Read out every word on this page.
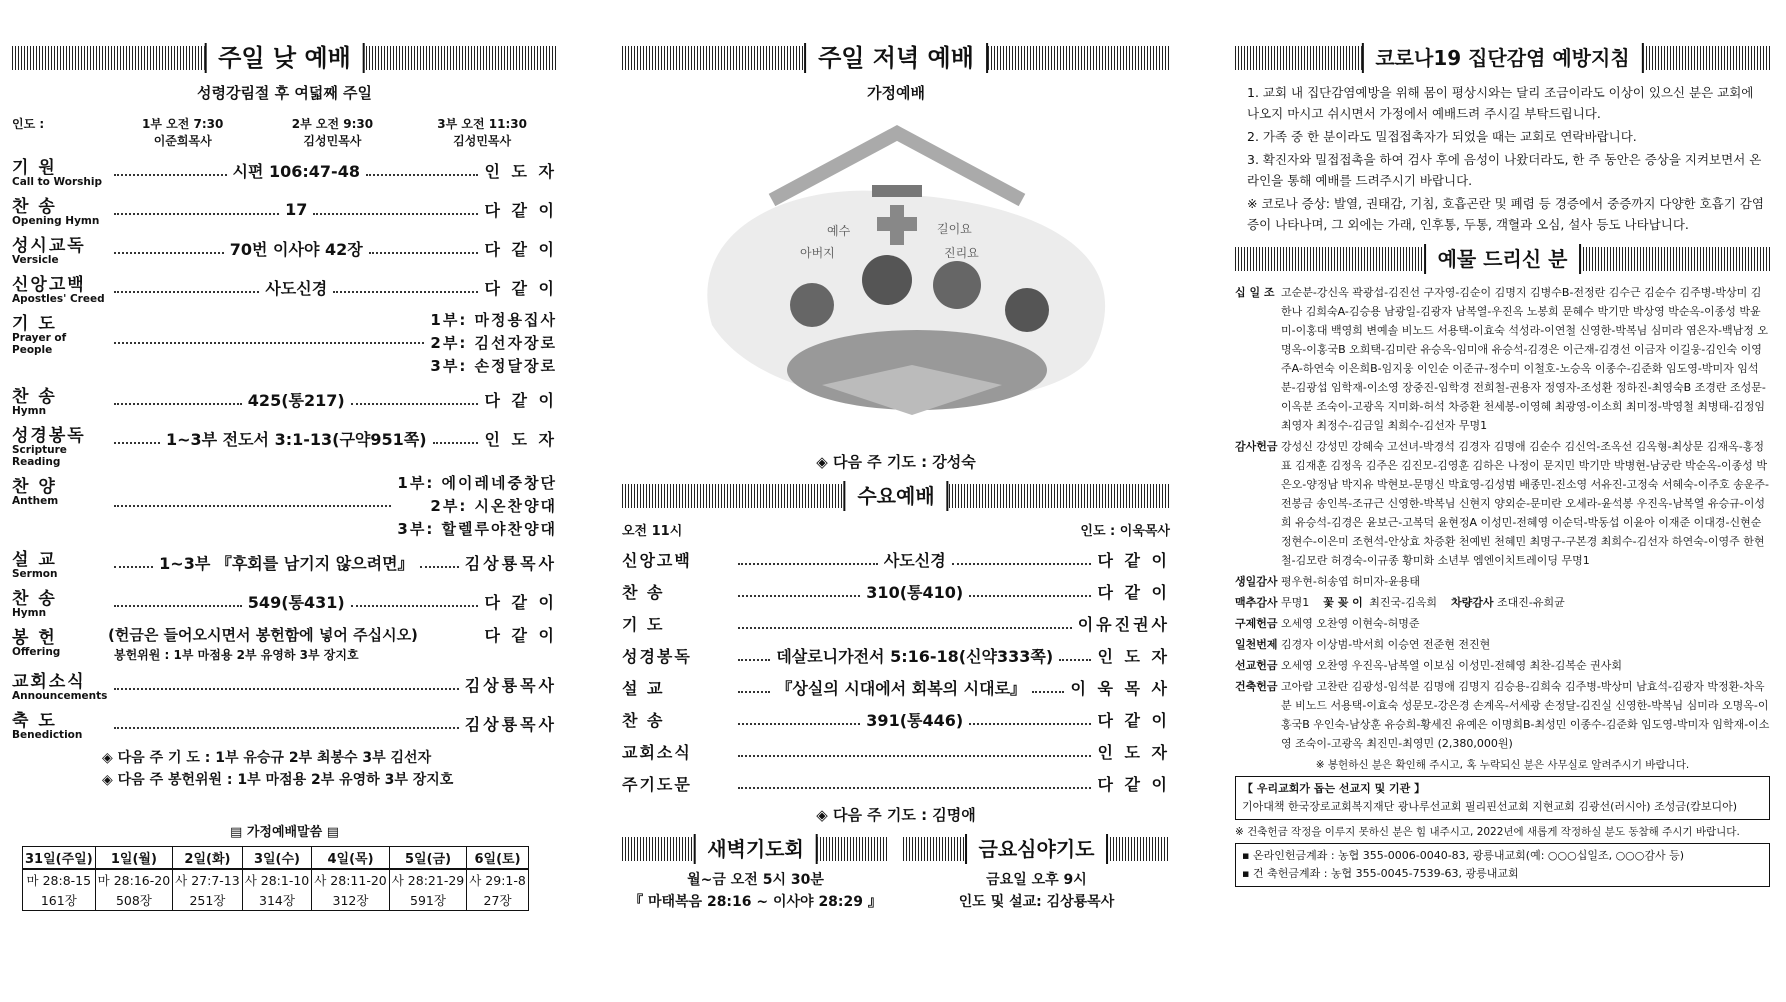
주일 낮 예배
성령강림절 후 여덟째 주일
인도 :	1부 오전 7:30
이준희목사
2부 오전 9:30
김성민목사
3부 오전 11:30
김성민목사
기 원
Call to Worship
시편 106:47-48	인 도 자
찬 송
Opening Hymn
17	다 같 이
성시교독
Versicle
70번 이사야 42장	다 같 이
신앙고백
Apostles' Creed
사도신경	다 같 이
기 도
Prayer of People
1부: 마정용집사
2부: 김선자장로
3부: 손정달장로
찬 송
Hymn
425(통217)	다 같 이
성경봉독
Scripture Reading
1~3부 전도서 3:1-13(구약951쪽)	인 도 자
찬 양
Anthem
1부: 에이레네중창단
2부: 시온찬양대
3부: 할렐루야찬양대
설 교
Sermon
1~3부 『후회를 남기지 않으려면』	김상룡목사
찬 송
Hymn
549(통431)	다 같 이
봉 헌
Offering
(헌금은 들어오시면서 봉헌함에 넣어 주십시오)	다 같 이
봉헌위원 : 1부 마점용 2부 유영하 3부 장지호
교회소식
Announcements
김상룡목사
축 도
Benediction
김상룡목사
◈ 다음 주 기 도 : 1부 유승규 2부 최봉수 3부 김선자
◈ 다음 주 봉헌위원 : 1부 마점용 2부 유영하 3부 장지호
▤ 가정예배말씀 ▤
31일(주일)	1일(월)	2일(화)	3일(수)	4일(목)	5일(금)	6일(토)
마 28:8-15	마 28:16-20	사 27:7-13	사 28:1-10	사 28:11-20	사 28:21-29	사 29:1-8
161장	508장	251장	314장	312장	591장	27장
주일 저녁 예배
가정예배
예수
아버지
길이요
진리요
◈ 다음 주 기도 : 강성숙
수요예배
오전 11시	인도 : 이욱목사
신앙고백	사도신경	다 같 이
찬 송	310(통410)	다 같 이
기 도	이유진권사
성경봉독	데살로니가전서 5:16-18(신약333쪽)	인 도 자
설 교	『상실의 시대에서 회복의 시대로』	이 욱 목 사
찬 송	391(통446)	다 같 이
교회소식	인 도 자
주기도문	다 같 이
◈ 다음 주 기도 : 김명애
새벽기도회
월~금 오전 5시 30분
『 마태복음 28:16 ~ 이사야 28:29 』
금요심야기도
금요일 오후 9시
인도 및 설교: 김상룡목사
코로나19 집단감염 예방지침
1. 교회 내 집단감염예방을 위해 몸이 평상시와는 달리 조금이라도 이상이 있으신 분은 교회에 나오지 마시고 쉬시면서 가정에서 예배드려 주시길 부탁드립니다.
2. 가족 중 한 분이라도 밀접접촉자가 되었을 때는 교회로 연락바랍니다.
3. 확진자와 밀접접촉을 하여 검사 후에 음성이 나왔더라도, 한 주 동안은 증상을 지켜보면서 온라인을 통해 예배를 드려주시기 바랍니다.
※ 코로나 증상: 발열, 권태감, 기침, 호흡곤란 및 폐렴 등 경증에서 중증까지 다양한 호흡기 감염증이 나타나며, 그 외에는 가래, 인후통, 두통, 객혈과 오심, 설사 등도 나타납니다.
예물 드리신 분
십 일 조 고순분-강신옥 곽광섭-김진선 구자영-김순이 김명지 김병수B-전정란 김수근 김순수 김주병-박상미 김한나 김희숙A-김승용 남광일-김광자 남복열-우진옥 노봉희 문혜수 박기만 박상영 박순옥-이종성 박윤미-이홍대 백영희 변예솔 비노드 서용택-이효숙 석성라-이연철 신영한-박복님 심미라 염은자-백남정 오명옥-이홍국B 오희택-김미란 유승옥-임미애 유승석-김경은 이근재-김경선 이금자 이길웅-김인숙 이영주A-하연숙 이은희B-임지웅 이인순 이준규-정수미 이철호-노승옥 이종수-김준화 임도영-박미자 임석분-김광섭 임학재-이소영 장중진-임학경 전희철-권용자 정영자-조성환 정하진-최영숙B 조경란 조성문-이옥분 조숙이-고광옥 지미화-허석 차증환 천세봉-이영혜 최광영-이소희 최미정-박영철 최병태-김정임 최영자 최정수-김금일 최희수-김선자 무명1
감사헌금 강성신 강성민 강혜숙 고선녀-박경석 김경자 김명애 김순수 김신억-조옥선 김옥형-최상문 김재옥-홍정표 김재훈 김정옥 김주은 김진모-김영훈 김하은 나정이 문지민 박기만 박병현-남궁란 박순옥-이종성 박은오-양정남 박지유 박현보-문명신 박효영-김성범 배종민-진소영 서유진-고정숙 서혜숙-이주호 송운주-전봉금 송인복-조규근 신영한-박복님 신현지 양외순-문미란 오세라-윤석봉 우진옥-남복열 유승규-이성희 유승석-김경은 윤보근-고복덕 윤현정A 이성민-전혜영 이순덕-박동섭 이윤아 이재준 이대경-신현순 정현수-이은미 조현석-안상효 차증환 천예빈 천혜민 최명구-구본경 최희수-김선자 하연숙-이영주 한현철-김모란 허경숙-이규종 황미화 소년부 엠엔이치트레이딩 무명1
생일감사 평우현-허송엽 허미자-윤용태
맥추감사 무명1 꽃 꽂 이 최진국-김옥희 차량감사 조대진-유희균
구제헌금 오세영 오찬영 이현숙-허명준
일천번제 김경자 이상범-박서희 이승연 전준현 전진현
선교헌금 오세영 오찬영 우진옥-남복열 이보심 이성민-전혜영 최찬-김복순 권사회
건축헌금 고아람 고찬란 김광성-임석분 김명애 김명지 김승용-김희숙 김주병-박상미 남효석-김광자 박정환-차옥분 비노드 서용택-이효숙 성문모-강은경 손계옥-서세광 손정달-김진실 신영한-박복님 심미라 오명옥-이홍국B 우인숙-남상훈 유승희-황세진 유예은 이명희B-최성민 이종수-김준화 임도영-박미자 임학재-이소영 조숙이-고광옥 최진민-최영민 (2,380,000원)
※ 봉헌하신 분은 확인해 주시고, 혹 누락되신 분은 사무실로 알려주시기 바랍니다.
【 우리교회가 돕는 선교지 및 기관 】
기아대책 한국장로교회복지재단 광나루선교회 필리핀선교회 지현교회 김광선(러시아) 조성금(캄보디아)
※ 건축헌금 작정을 이루지 못하신 분은 힘 내주시고, 2022년에 새롭게 작정하실 분도 동참해 주시기 바랍니다.
▪ 온라인헌금계좌 : 농협 355-0006-0040-83, 광릉내교회(예: ○○○십일조, ○○○감사 등)
▪ 건 축헌금계좌 : 농협 355-0045-7539-63, 광릉내교회
